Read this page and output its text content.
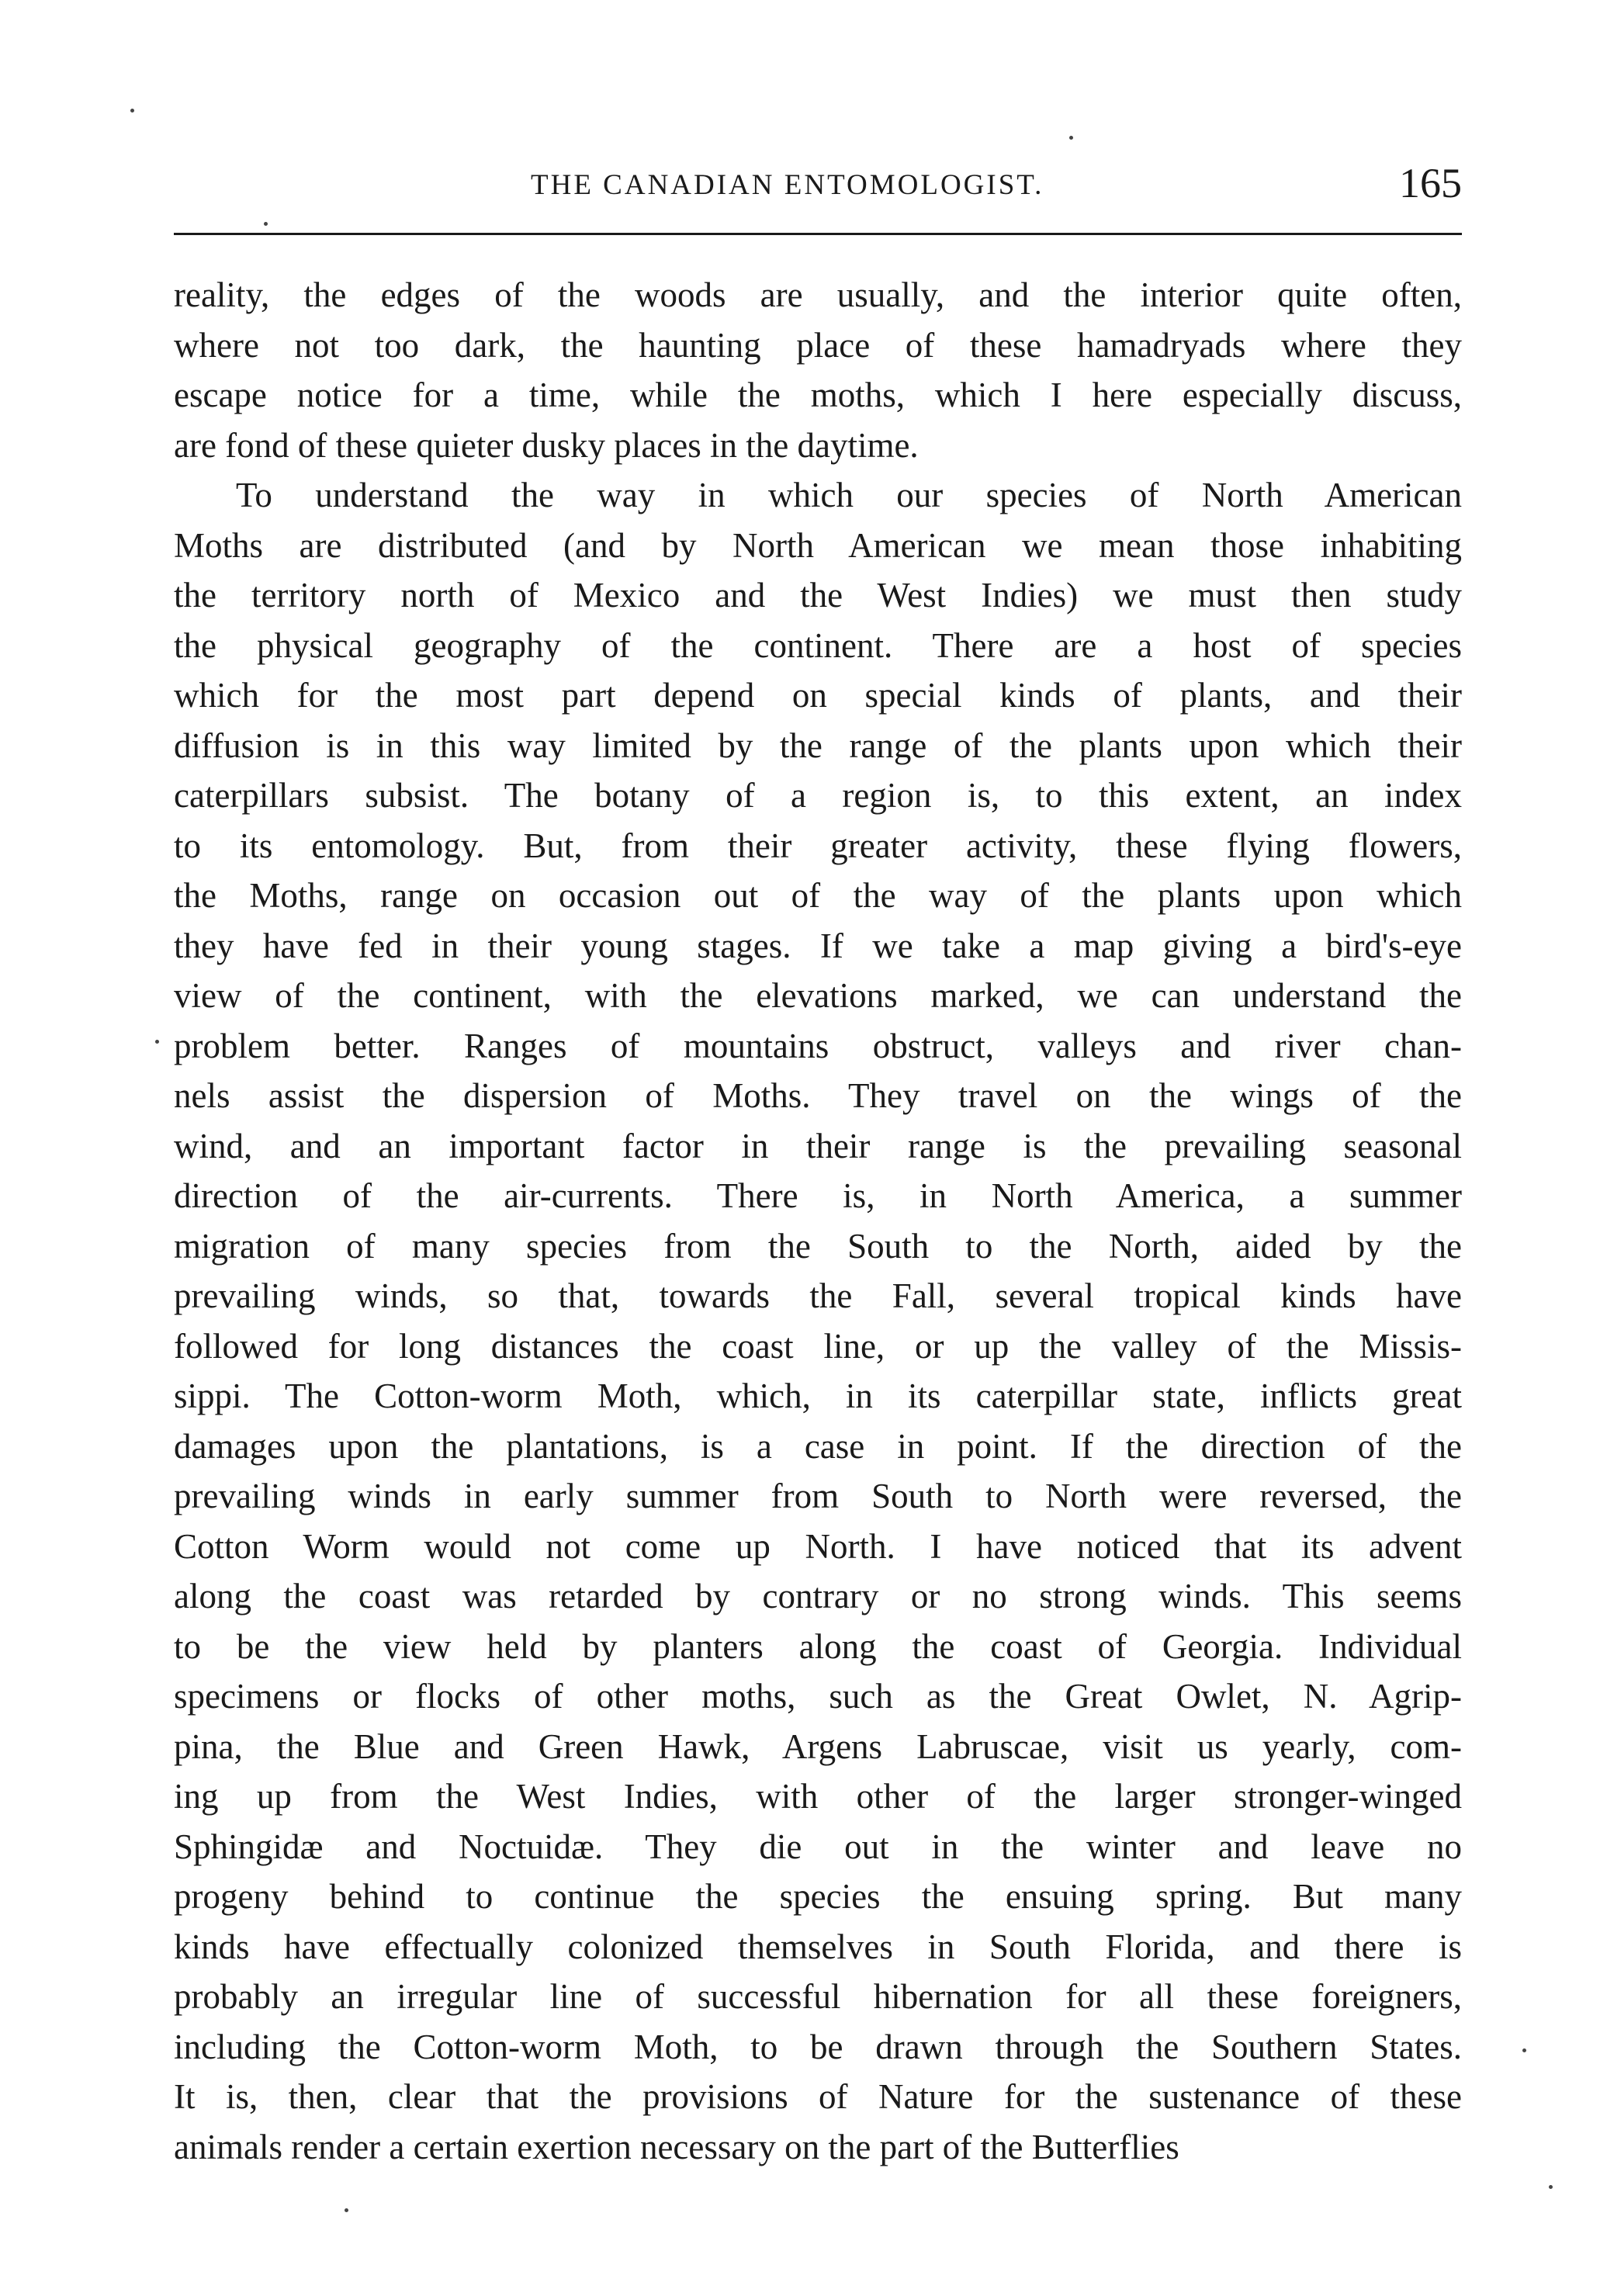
THE CANADIAN ENTOMOLOGIST.	165
reality, the edges of the woods are usually, and the interior quite often,
where not too dark, the haunting place of these hamadryads where they
escape notice for a time, while the moths, which I here especially discuss,
are fond of these quieter dusky places in the daytime.
To understand the way in which our species of North American
Moths are distributed (and by North American we mean those inhabiting
the territory north of Mexico and the West Indies) we must then study
the physical geography of the continent. There are a host of species
which for the most part depend on special kinds of plants, and their
diffusion is in this way limited by the range of the plants upon which their
caterpillars subsist. The botany of a region is, to this extent, an index
to its entomology. But, from their greater activity, these flying flowers,
the Moths, range on occasion out of the way of the plants upon which
they have fed in their young stages. If we take a map giving a bird's-eye
view of the continent, with the elevations marked, we can understand the
problem better. Ranges of mountains obstruct, valleys and river chan-
nels assist the dispersion of Moths. They travel on the wings of the
wind, and an important factor in their range is the prevailing seasonal
direction of the air-currents. There is, in North America, a summer
migration of many species from the South to the North, aided by the
prevailing winds, so that, towards the Fall, several tropical kinds have
followed for long distances the coast line, or up the valley of the Missis-
sippi. The Cotton-worm Moth, which, in its caterpillar state, inflicts great
damages upon the plantations, is a case in point. If the direction of the
prevailing winds in early summer from South to North were reversed, the
Cotton Worm would not come up North. I have noticed that its advent
along the coast was retarded by contrary or no strong winds. This seems
to be the view held by planters along the coast of Georgia. Individual
specimens or flocks of other moths, such as the Great Owlet, N. Agrip-
pina, the Blue and Green Hawk, Argens Labruscae, visit us yearly, com-
ing up from the West Indies, with other of the larger stronger-winged
Sphingidæ and Noctuidæ. They die out in the winter and leave no
progeny behind to continue the species the ensuing spring. But many
kinds have effectually colonized themselves in South Florida, and there is
probably an irregular line of successful hibernation for all these foreigners,
including the Cotton-worm Moth, to be drawn through the Southern States.
It is, then, clear that the provisions of Nature for the sustenance of these
animals render a certain exertion necessary on the part of the Butterflies
